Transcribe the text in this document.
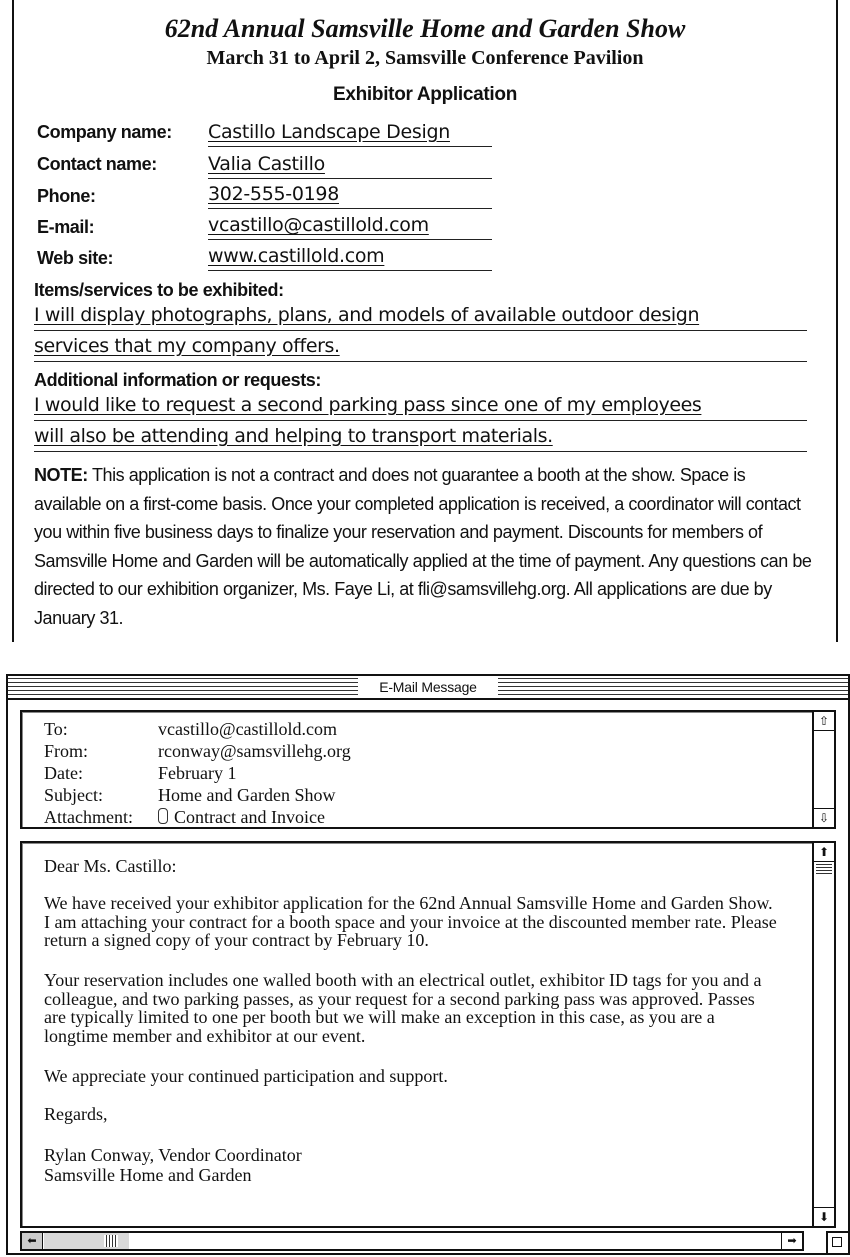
62nd Annual Samsville Home and Garden Show
March 31 to April 2, Samsville Conference Pavilion
Exhibitor Application
Company name: Castillo Landscape Design
Contact name:	Valia Castillo
Phone:	302-555-0198
E-mail:	vcastillo@castillold.com
Web site:	www.castillold.com
Items/services to be exhibited:
I will display photographs, plans, and models of available outdoor design
services that my company offers.
Additional information or requests:
I would like to request a second parking pass since one of my employees
will also be attending and helping to transport materials.
NOTE: This application is not a contract and does not guarantee a booth at the show. Space is available on a first-come basis. Once your completed application is received, a coordinator will contact you within five business days to finalize your reservation and payment. Discounts for members of Samsville Home and Garden will be automatically applied at the time of payment. Any questions can be directed to our exhibition organizer, Ms. Faye Li, at fli@samsvillehg.org. All applications are due by January 31.
E-Mail Message
To:	vcastillo@castillold.com
From:	rconway@samsvillehg.org
Date:	February 1
Subject:	Home and Garden Show
Attachment:	Contract and Invoice
⇧
⇩
Dear Ms. Castillo:
We have received your exhibitor application for the 62nd Annual Samsville Home and Garden Show. I am attaching your contract for a booth space and your invoice at the discounted member rate. Please return a signed copy of your contract by February 10.
Your reservation includes one walled booth with an electrical outlet, exhibitor ID tags for you and a colleague, and two parking passes, as your request for a second parking pass was approved. Passes are typically limited to one per booth but we will make an exception in this case, as you are a longtime member and exhibitor at our event.
We appreciate your continued participation and support.
Regards,
Rylan Conway, Vendor Coordinator
Samsville Home and Garden
⬆
⬇
⬅	➡
